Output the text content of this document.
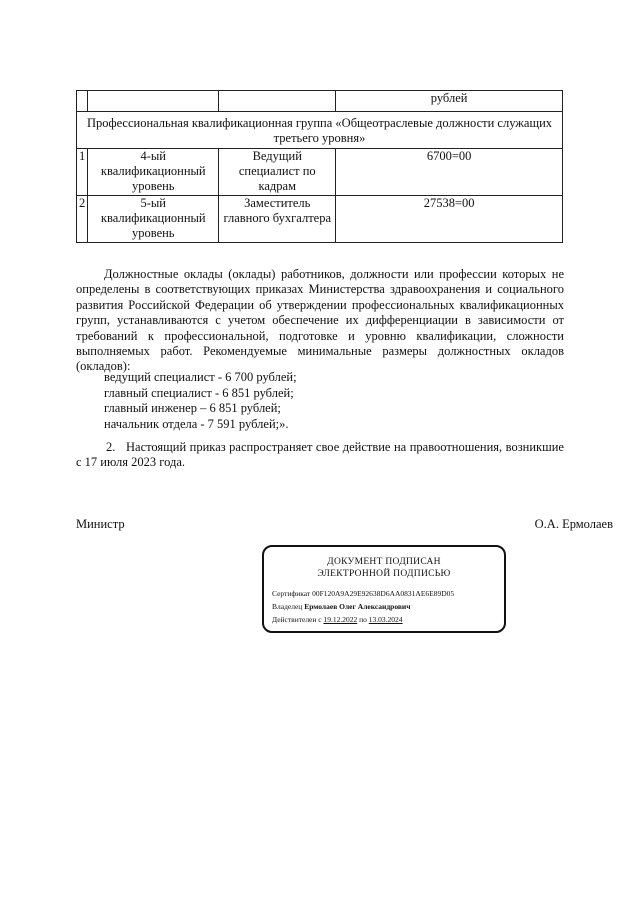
			рублей
Профессиональная квалификационная группа «Общеотраслевые должности служащих третьего уровня»			
1	4-ый квалификационный уровень	Ведущий специалист по кадрам	6700=00
2	5-ый квалификационный уровень	Заместитель главного бухгалтера	27538=00

Должностные оклады (оклады) работников, должности или профессии которых не определены в соответствующих приказах Министерства здравоохранения и социального развития Российской Федерации об утверждении профессиональных квалификационных групп, устанавливаются с учетом обеспечение их дифференциации в зависимости от требований к профессиональной, подготовке и уровню квалификации, сложности выполняемых работ. Рекомендуемые минимальные размеры должностных окладов (окладов):

ведущий специалист - 6 700 рублей;
главный специалист - 6 851 рублей;
главный инженер – 6 851 рублей;
начальник отдела - 7 591 рублей;».

2. Настоящий приказ распространяет свое действие на правоотношения, возникшие с 17 июля 2023 года.

Министр	О.А. Ермолаев
ДОКУМЕНТ ПОДПИСАН
ЭЛЕКТРОННОЙ ПОДПИСЬЮ
Сертификат 00F120A9A29E92638D6AA0831AE6E89D05
Владелец Ермолаев Олег Александрович
Действителен с 19.12.2022 по 13.03.2024
